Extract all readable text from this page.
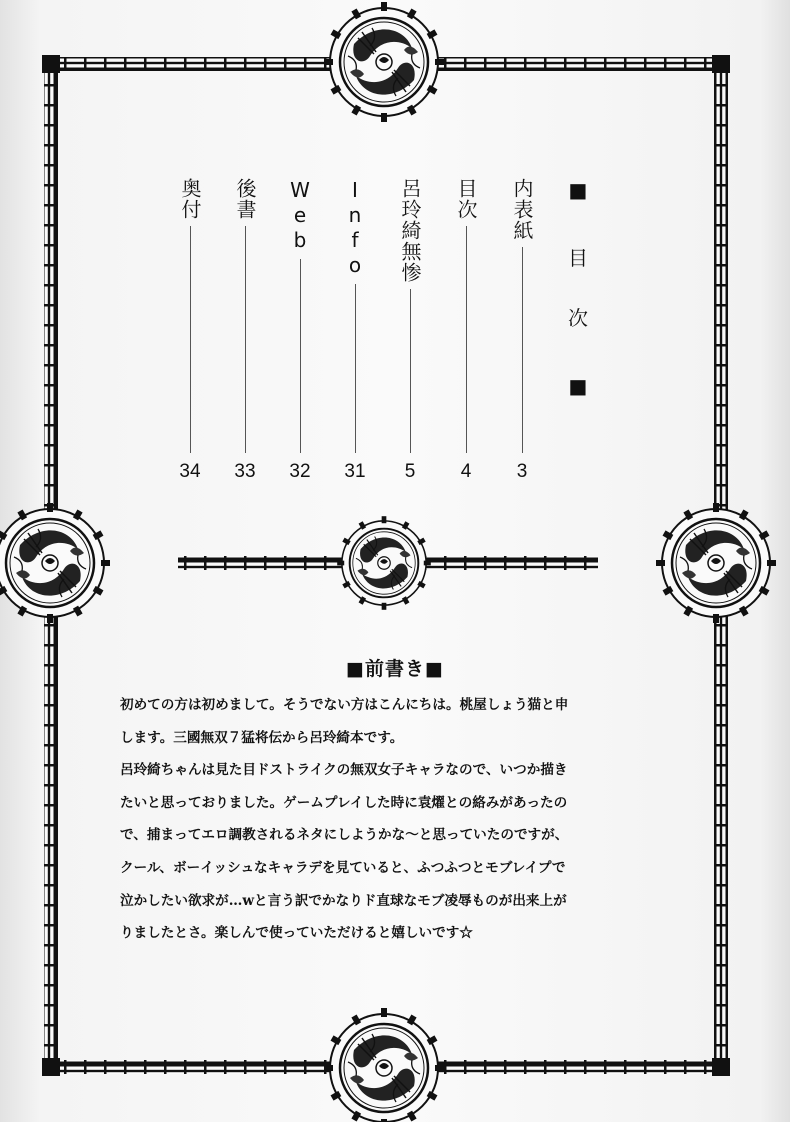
■
目
次
■
内表紙
3
目次
4
呂玲綺無惨
5
Info
31
Web
32
後書
33
奥付
34
■前書き■
初めての方は初めまして。そうでない方はこんにちは。桃屋しょう猫と申
します。三國無双７猛将伝から呂玲綺本です。
呂玲綺ちゃんは見た目ドストライクの無双女子キャラなので、いつか描き
たいと思っておりました。ゲームプレイした時に袁燿との絡みがあったの
で、捕まってエロ調教されるネタにしようかな～と思っていたのですが、
クール、ボーイッシュなキャラデを見ていると、ふつふつとモブレイプで
泣かしたい欲求が…wと言う訳でかなりド直球なモブ凌辱ものが出来上が
りましたとさ。楽しんで使っていただけると嬉しいです☆
